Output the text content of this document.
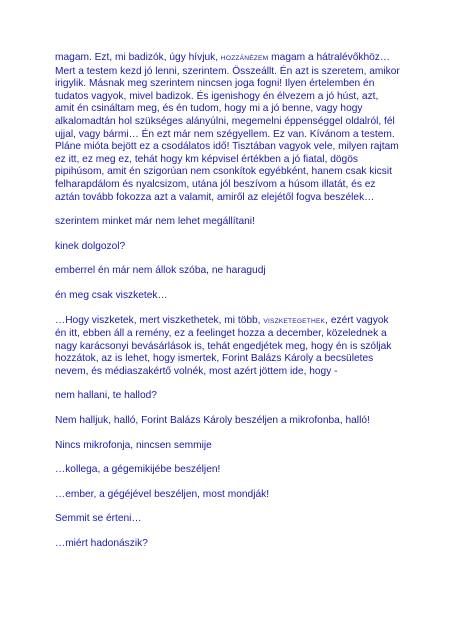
magam. Ezt, mi badizók, úgy hívjuk, HOZZÁNÉZEM magam a hátralévőkhöz… Mert a testem kezd jó lenni, szerintem. Összeállt. Én azt is szeretem, amikor irigylik. Másnak meg szerintem nincsen joga fogni! Ilyen értelemben én tudatos vagyok, mivel badizok. És igenishogy én élvezem a jó húst, azt, amit én csináltam meg, és én tudom, hogy mi a jó benne, vagy hogy alkalomadtán hol szükséges alányúlni, megemelni éppenséggel oldalról, fél ujjal, vagy bármi… Én ezt már nem szégyellem. Ez van. Kívánom a testem. Pláne mióta bejött ez a csodálatos idő! Tisztában vagyok vele, milyen rajtam ez itt, ez meg ez, tehát hogy km képvisel értékben a jó fiatal, dögös pipihúsom, amit én szigorúan nem csonkítok egyébként, hanem csak kicsit felharapdálom és nyalcsizom, utána jól beszívom a húsom illatát, és ez aztán tovább fokozza azt a valamit, amiről az elejétől fogva beszélek…

szerintem minket már nem lehet megállítani!

kinek dolgozol?

emberrel én már nem állok szóba, ne haragudj

én meg csak viszketek…

…Hogy viszketek, mert viszkethetek, mi több, VISZKETEGETHEK, ezért vagyok én itt, ebben áll a remény, ez a feelinget hozza a december, közelednek a nagy karácsonyi bevásárlások is, tehát engedjétek meg, hogy én is szóljak hozzátok, az is lehet, hogy ismertek, Forint Balázs Károly a becsületes nevem, és médiaszakértő volnék, most azért jöttem ide, hogy -

nem hallani, te hallod?

Nem halljuk, halló, Forint Balázs Károly beszéljen a mikrofonba, halló!

Nincs mikrofonja, nincsen semmije

…kollega, a gégemikijébe beszéljen!

…ember, a gégéjével beszéljen, most mondják!

Semmit se érteni…

…miért hadonászik?
